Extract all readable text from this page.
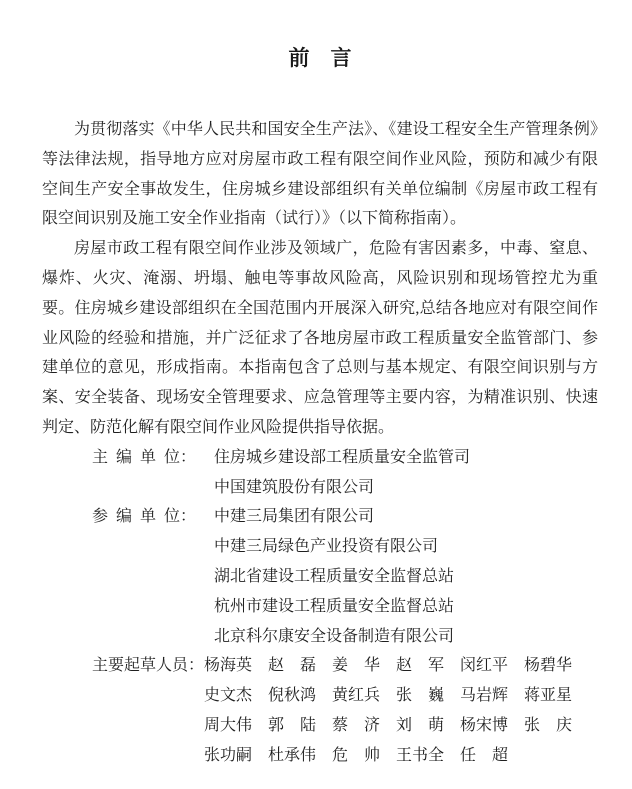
前　言

为贯彻落实《中华人民共和国安全生产法》、《建设工程安全生产管理条例》等法律法规，指导地方应对房屋市政工程有限空间作业风险，预防和减少有限空间生产安全事故发生，住房城乡建设部组织有关单位编制《房屋市政工程有限空间识别及施工安全作业指南（试行）》（以下简称指南）。

房屋市政工程有限空间作业涉及领域广，危险有害因素多，中毒、窒息、爆炸、火灾、淹溺、坍塌、触电等事故风险高，风险识别和现场管控尤为重要。住房城乡建设部组织在全国范围内开展深入研究,总结各地应对有限空间作业风险的经验和措施，并广泛征求了各地房屋市政工程质量安全监管部门、参建单位的意见，形成指南。本指南包含了总则与基本规定、有限空间识别与方案、安全装备、现场安全管理要求、应急管理等主要内容，为精准识别、快速判定、防范化解有限空间作业风险提供指导依据。

主 编 单 位：	住房城乡建设部工程质量安全监管司
中国建筑股份有限公司
参 编 单 位：	中建三局集团有限公司
中建三局绿色产业投资有限公司
湖北省建设工程质量安全监督总站
杭州市建设工程质量安全监督总站
北京科尔康安全设备制造有限公司
主要起草人员： 杨海英　赵　磊　姜　华　赵　军　闵红平　杨碧华
史文杰　倪秋鸿　黄红兵　张　巍　马岩辉　蒋亚星
周大伟　郭　陆　蔡　济　刘　萌　杨宋博　张　庆
张功嗣　杜承伟　危　帅　王书全　任　超
